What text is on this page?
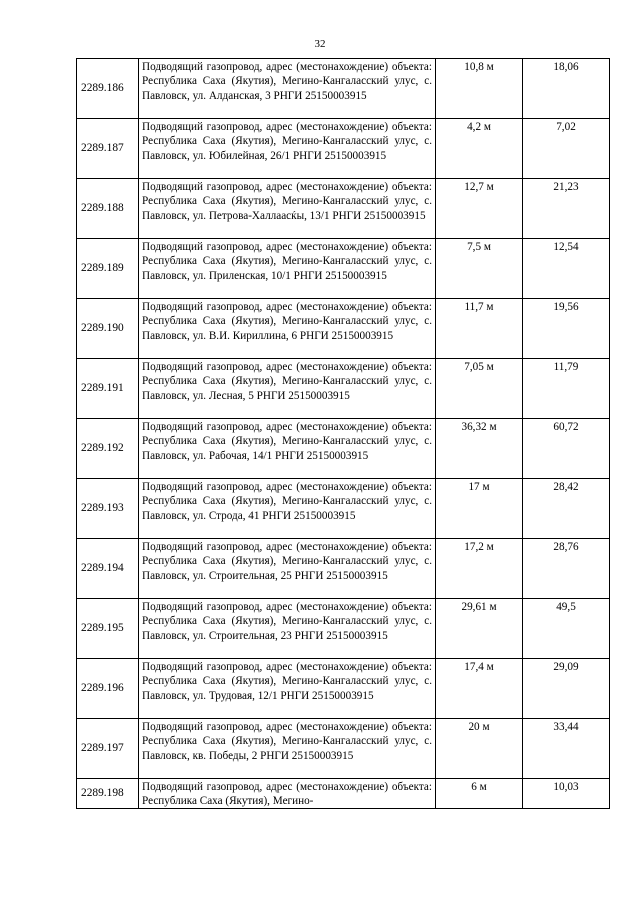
32
2289.186	Подводящий газопровод, адрес (местонахождение) объекта: Республика Саха (Якутия), Мегино-Кангаласский улус, с. Павловск, ул. Алданская, 3 РНГИ 25150003915	10,8 м	18,06
2289.187	Подводящий газопровод, адрес (местонахождение) объекта: Республика Саха (Якутия), Мегино-Кангаласский улус, с. Павловск, ул. Юбилейная, 26/1 РНГИ 25150003915	4,2 м	7,02
2289.188	Подводящий газопровод, адрес (местонахождение) объекта: Республика Саха (Якутия), Мегино-Кангаласский улус, с. Павловск, ул. Петрова-Халлаасќы, 13/1 РНГИ 25150003915	12,7 м	21,23
2289.189	Подводящий газопровод, адрес (местонахождение) объекта: Республика Саха (Якутия), Мегино-Кангаласский улус, с. Павловск, ул. Приленская, 10/1 РНГИ 25150003915	7,5 м	12,54
2289.190	Подводящий газопровод, адрес (местонахождение) объекта: Республика Саха (Якутия), Мегино-Кангаласский улус, с. Павловск, ул. В.И. Кириллина, 6 РНГИ 25150003915	11,7 м	19,56
2289.191	Подводящий газопровод, адрес (местонахождение) объекта: Республика Саха (Якутия), Мегино-Кангаласский улус, с. Павловск, ул. Лесная, 5 РНГИ 25150003915	7,05 м	11,79
2289.192	Подводящий газопровод, адрес (местонахождение) объекта: Республика Саха (Якутия), Мегино-Кангаласский улус, с. Павловск, ул. Рабочая, 14/1 РНГИ 25150003915	36,32 м	60,72
2289.193	Подводящий газопровод, адрес (местонахождение) объекта: Республика Саха (Якутия), Мегино-Кангаласский улус, с. Павловск, ул. Строда, 41 РНГИ 25150003915	17 м	28,42
2289.194	Подводящий газопровод, адрес (местонахождение) объекта: Республика Саха (Якутия), Мегино-Кангаласский улус, с. Павловск, ул. Строительная, 25 РНГИ 25150003915	17,2 м	28,76
2289.195	Подводящий газопровод, адрес (местонахождение) объекта: Республика Саха (Якутия), Мегино-Кангаласский улус, с. Павловск, ул. Строительная, 23 РНГИ 25150003915	29,61 м	49,5
2289.196	Подводящий газопровод, адрес (местонахождение) объекта: Республика Саха (Якутия), Мегино-Кангаласский улус, с. Павловск, ул. Трудовая, 12/1 РНГИ 25150003915	17,4 м	29,09
2289.197	Подводящий газопровод, адрес (местонахождение) объекта: Республика Саха (Якутия), Мегино-Кангаласский улус, с. Павловск, кв. Победы, 2 РНГИ 25150003915	20 м	33,44
2289.198	Подводящий газопровод, адрес (местонахождение) объекта: Республика Саха (Якутия), Мегино-	6 м	10,03
